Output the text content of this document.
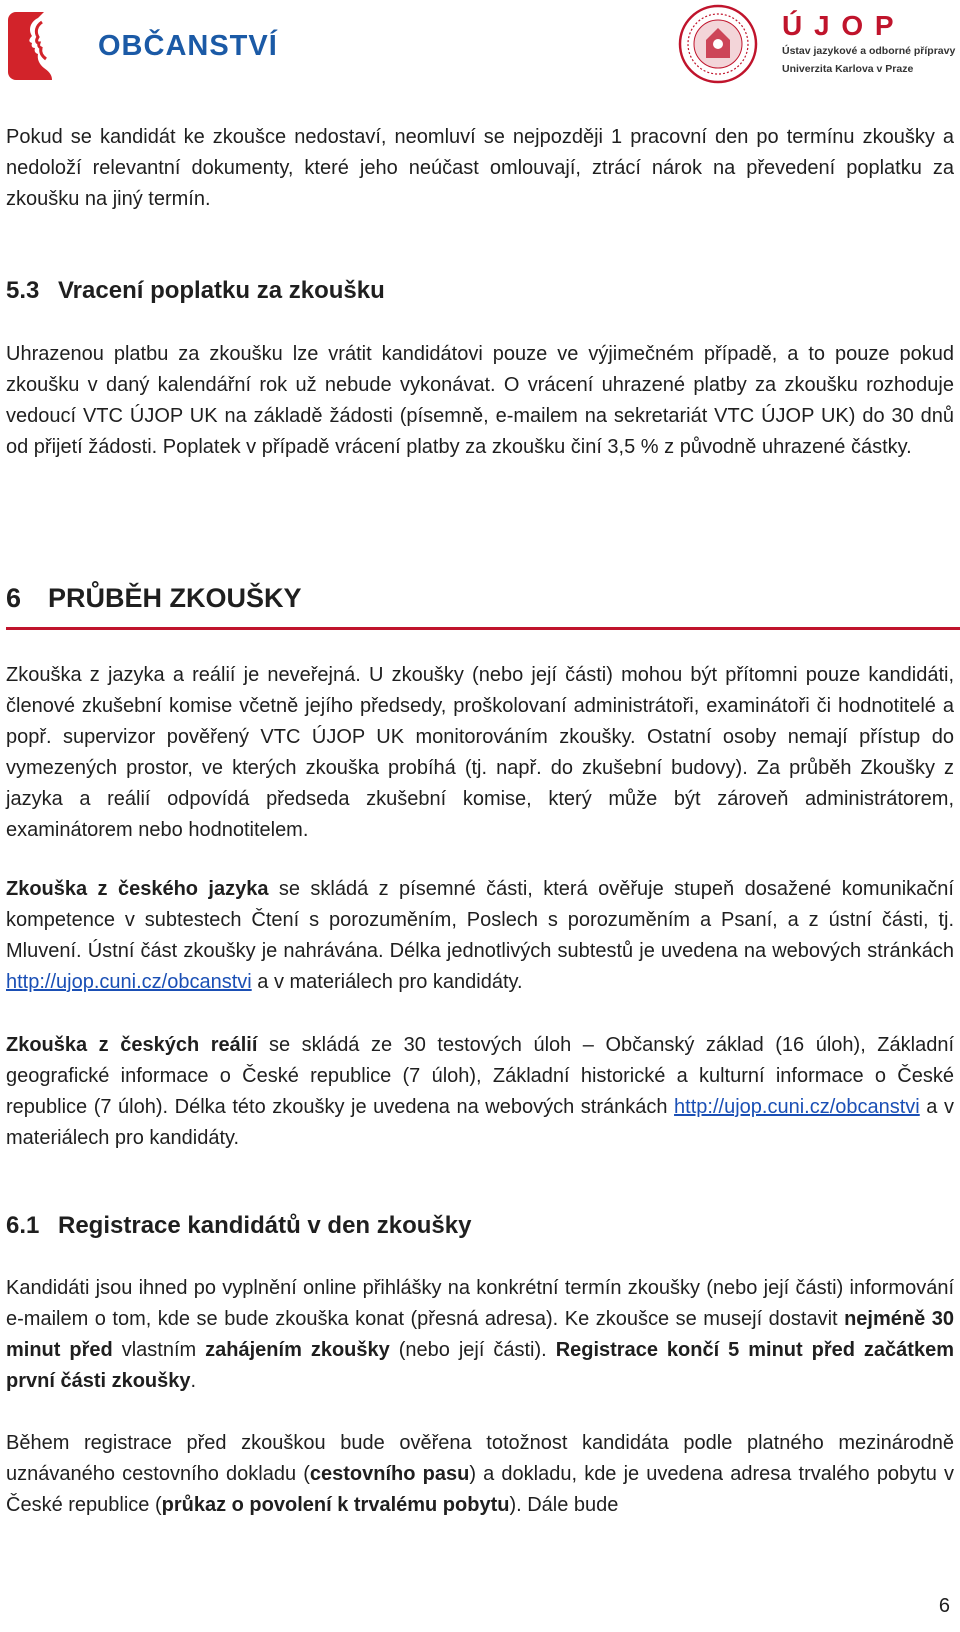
OBČANSTVÍ
Ú J O P
Ústav jazykové a odborné přípravy
Univerzita Karlova v Praze

Pokud se kandidát ke zkoušce nedostaví, neomluví se nejpozději 1 pracovní den po termínu zkoušky a nedoloží relevantní dokumenty, které jeho neúčast omlouvají, ztrácí nárok na převedení poplatku za zkoušku na jiný termín.

5.3 Vracení poplatku za zkoušku

Uhrazenou platbu za zkoušku lze vrátit kandidátovi pouze ve výjimečném případě, a to pouze pokud zkoušku v daný kalendářní rok už nebude vykonávat. O vrácení uhrazené platby za zkoušku rozhoduje vedoucí VTC ÚJOP UK na základě žádosti (písemně, e-mailem na sekretariát VTC ÚJOP UK) do 30 dnů od přijetí žádosti. Poplatek v případě vrácení platby za zkoušku činí 3,5 % z původně uhrazené částky.

6 PRŮBĚH ZKOUŠKY

Zkouška z jazyka a reálií je neveřejná. U zkoušky (nebo její části) mohou být přítomni pouze kandidáti, členové zkušební komise včetně jejího předsedy, proškolovaní administrátoři, examinátoři či hodnotitelé a popř. supervizor pověřený VTC ÚJOP UK monitorováním zkoušky. Ostatní osoby nemají přístup do vymezených prostor, ve kterých zkouška probíhá (tj. např. do zkušební budovy). Za průběh Zkoušky z jazyka a reálií odpovídá předseda zkušební komise, který může být zároveň administrátorem, examinátorem nebo hodnotitelem.

Zkouška z českého jazyka se skládá z písemné části, která ověřuje stupeň dosažené komunikační kompetence v subtestech Čtení s porozuměním, Poslech s porozuměním a Psaní, a z ústní části, tj. Mluvení. Ústní část zkoušky je nahrávána. Délka jednotlivých subtestů je uvedena na webových stránkách http://ujop.cuni.cz/obcanstvi a v materiálech pro kandidáty.

Zkouška z českých reálií se skládá ze 30 testových úloh – Občanský základ (16 úloh), Základní geografické informace o České republice (7 úloh), Základní historické a kulturní informace o České republice (7 úloh). Délka této zkoušky je uvedena na webových stránkách http://ujop.cuni.cz/obcanstvi a v materiálech pro kandidáty.

6.1 Registrace kandidátů v den zkoušky

Kandidáti jsou ihned po vyplnění online přihlášky na konkrétní termín zkoušky (nebo její části) informování e-mailem o tom, kde se bude zkouška konat (přesná adresa). Ke zkoušce se musejí dostavit nejméně 30 minut před vlastním zahájením zkoušky (nebo její části). Registrace končí 5 minut před začátkem první části zkoušky.

Během registrace před zkouškou bude ověřena totožnost kandidáta podle platného mezinárodně uznávaného cestovního dokladu (cestovního pasu) a dokladu, kde je uvedena adresa trvalého pobytu v České republice (průkaz o povolení k trvalému pobytu). Dále bude

6
